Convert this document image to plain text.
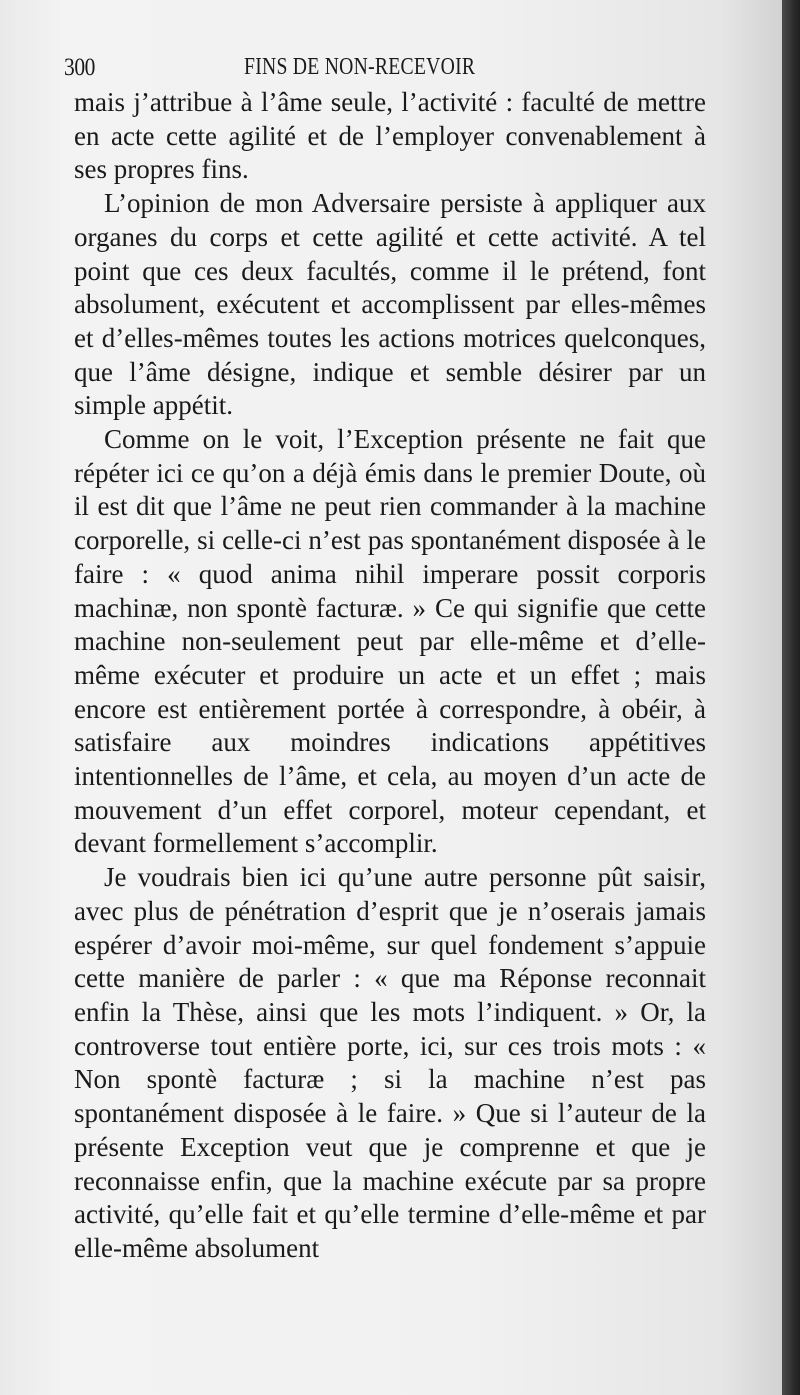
300	FINS DE NON-RECEVOIR

mais j’attribue à l’âme seule, l’activité : faculté de mettre en acte cette agilité et de l’employer convenablement à ses propres fins.

L’opinion de mon Adversaire persiste à appliquer aux organes du corps et cette agilité et cette activité. A tel point que ces deux facultés, comme il le prétend, font absolument, exécutent et accomplissent par elles-mêmes et d’elles-mêmes toutes les actions motrices quelconques, que l’âme désigne, indique et semble désirer par un simple appétit.

Comme on le voit, l’Exception présente ne fait que répéter ici ce qu’on a déjà émis dans le premier Doute, où il est dit que l’âme ne peut rien commander à la machine corporelle, si celle-ci n’est pas spontanément disposée à le faire : « quod anima nihil imperare possit corporis machinæ, non spontè facturæ. » Ce qui signifie que cette machine non-seulement peut par elle-même et d’elle-même exécuter et produire un acte et un effet ; mais encore est entièrement portée à correspondre, à obéir, à satisfaire aux moindres indications appétitives intentionnelles de l’âme, et cela, au moyen d’un acte de mouvement d’un effet corporel, moteur cependant, et devant formellement s’accomplir.

Je voudrais bien ici qu’une autre personne pût saisir, avec plus de pénétration d’esprit que je n’oserais jamais espérer d’avoir moi-même, sur quel fondement s’appuie cette manière de parler : « que ma Réponse reconnait enfin la Thèse, ainsi que les mots l’indiquent. » Or, la controverse tout entière porte, ici, sur ces trois mots : « Non spontè facturæ ; si la machine n’est pas spontanément disposée à le faire. » Que si l’auteur de la présente Exception veut que je comprenne et que je reconnaisse enfin, que la machine exécute par sa propre activité, qu’elle fait et qu’elle termine d’elle-même et par elle-même absolument
